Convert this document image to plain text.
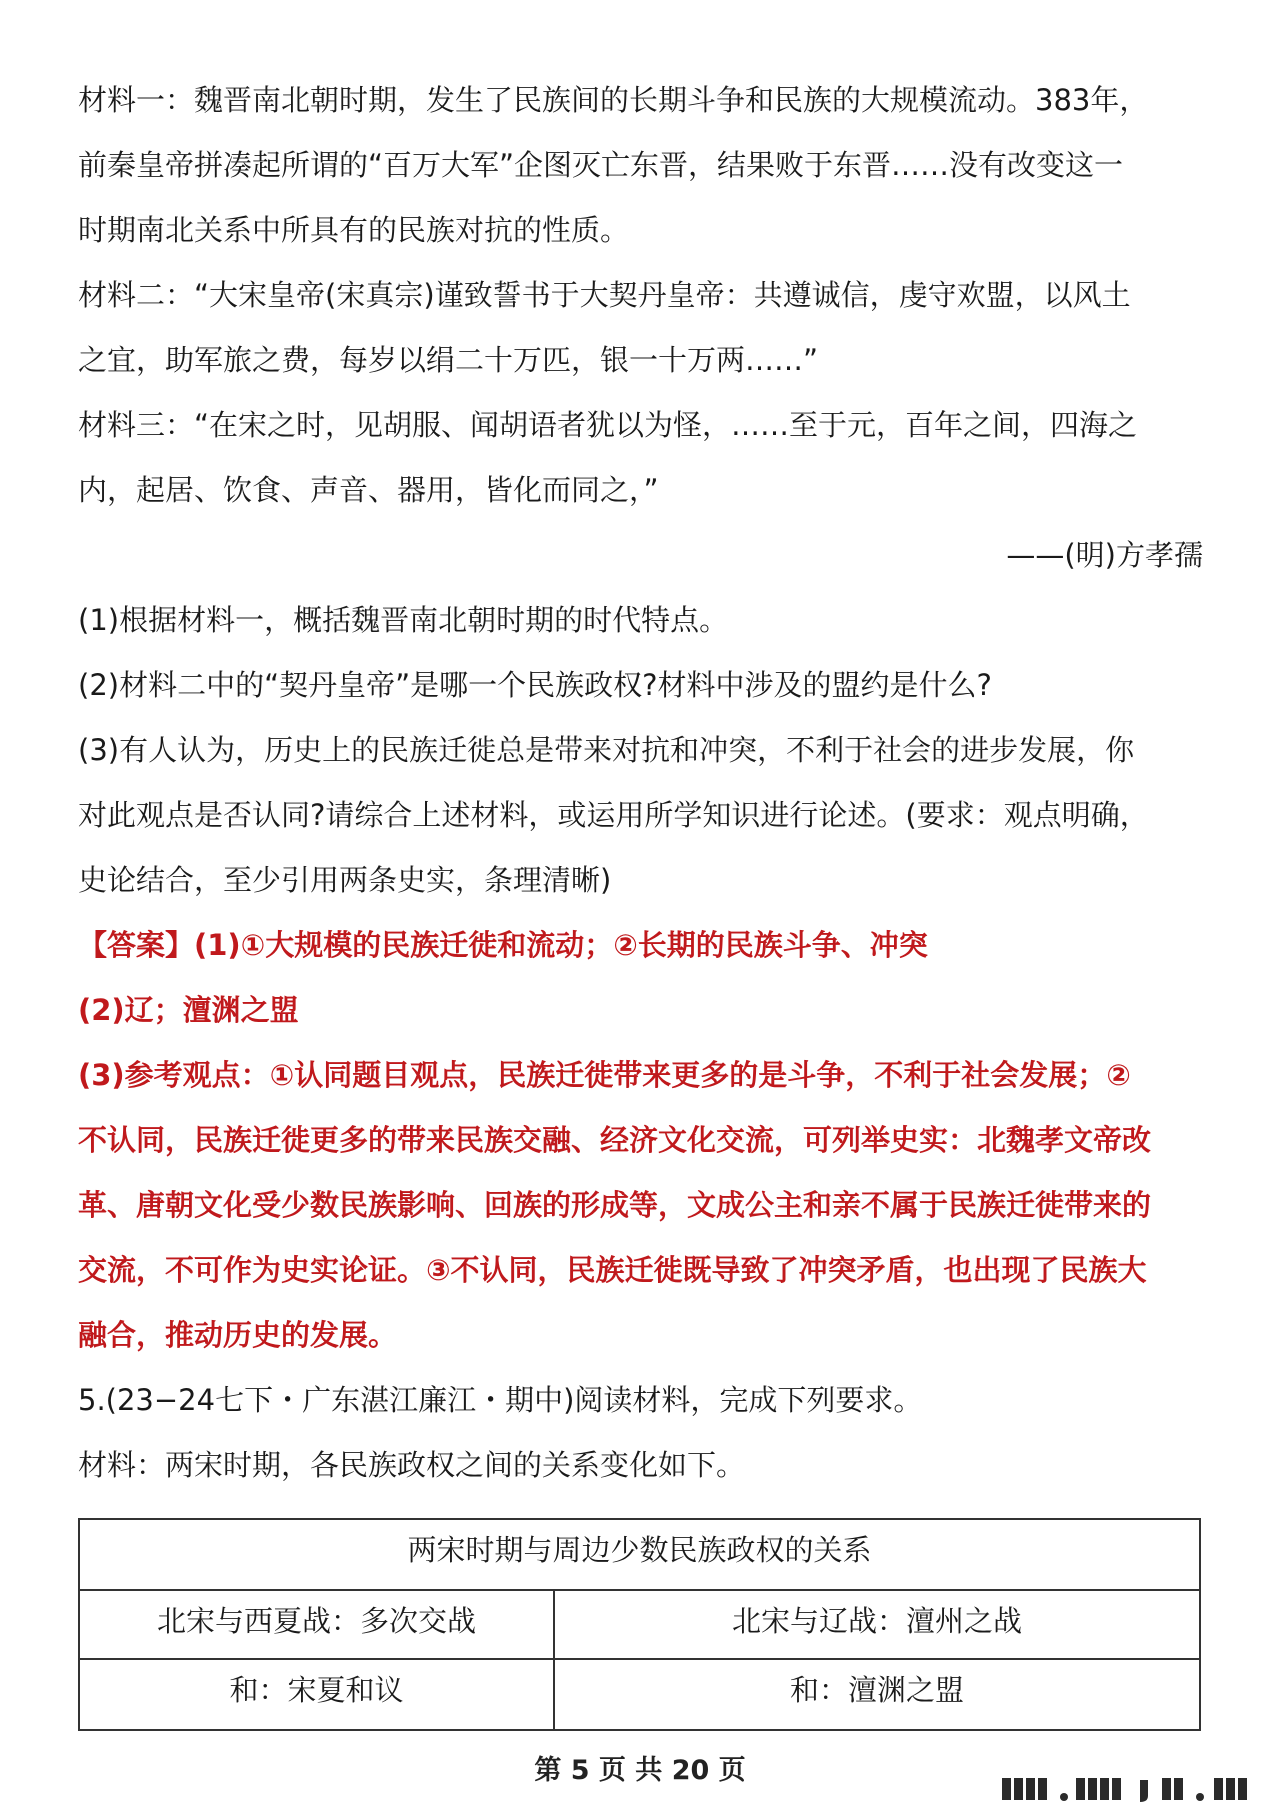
材料一：魏晋南北朝时期，发生了民族间的长期斗争和民族的大规模流动。383年，
前秦皇帝拼凑起所谓的“百万大军”企图灭亡东晋，结果败于东晋……没有改变这一
时期南北关系中所具有的民族对抗的性质。
材料二：“大宋皇帝(宋真宗)谨致誓书于大契丹皇帝：共遵诚信，虔守欢盟，以风土
之宜，助军旅之费，每岁以绢二十万匹，银一十万两……”
材料三：“在宋之时，见胡服、闻胡语者犹以为怪，……至于元，百年之间，四海之
内，起居、饮食、声音、器用，皆化而同之，”
——(明)方孝孺
(1)根据材料一，概括魏晋南北朝时期的时代特点。
(2)材料二中的“契丹皇帝”是哪一个民族政权?材料中涉及的盟约是什么?
(3)有人认为，历史上的民族迁徙总是带来对抗和冲突，不利于社会的进步发展，你
对此观点是否认同?请综合上述材料，或运用所学知识进行论述。(要求：观点明确，
史论结合，至少引用两条史实，条理清晰)
【答案】(1)①大规模的民族迁徙和流动；②长期的民族斗争、冲突
(2)辽；澶渊之盟
(3)参考观点：①认同题目观点，民族迁徙带来更多的是斗争，不利于社会发展；②
不认同，民族迁徙更多的带来民族交融、经济文化交流，可列举史实：北魏孝文帝改
革、唐朝文化受少数民族影响、回族的形成等，文成公主和亲不属于民族迁徙带来的
交流，不可作为史实论证。③不认同，民族迁徙既导致了冲突矛盾，也出现了民族大
融合，推动历史的发展。
5.(23−24七下・广东湛江廉江・期中)阅读材料，完成下列要求。
材料：两宋时期，各民族政权之间的关系变化如下。
两宋时期与周边少数民族政权的关系	
北宋与西夏战：多次交战	北宋与辽战：澶州之战
和：宋夏和议	和：澶渊之盟
第 5 页 共 20 页
